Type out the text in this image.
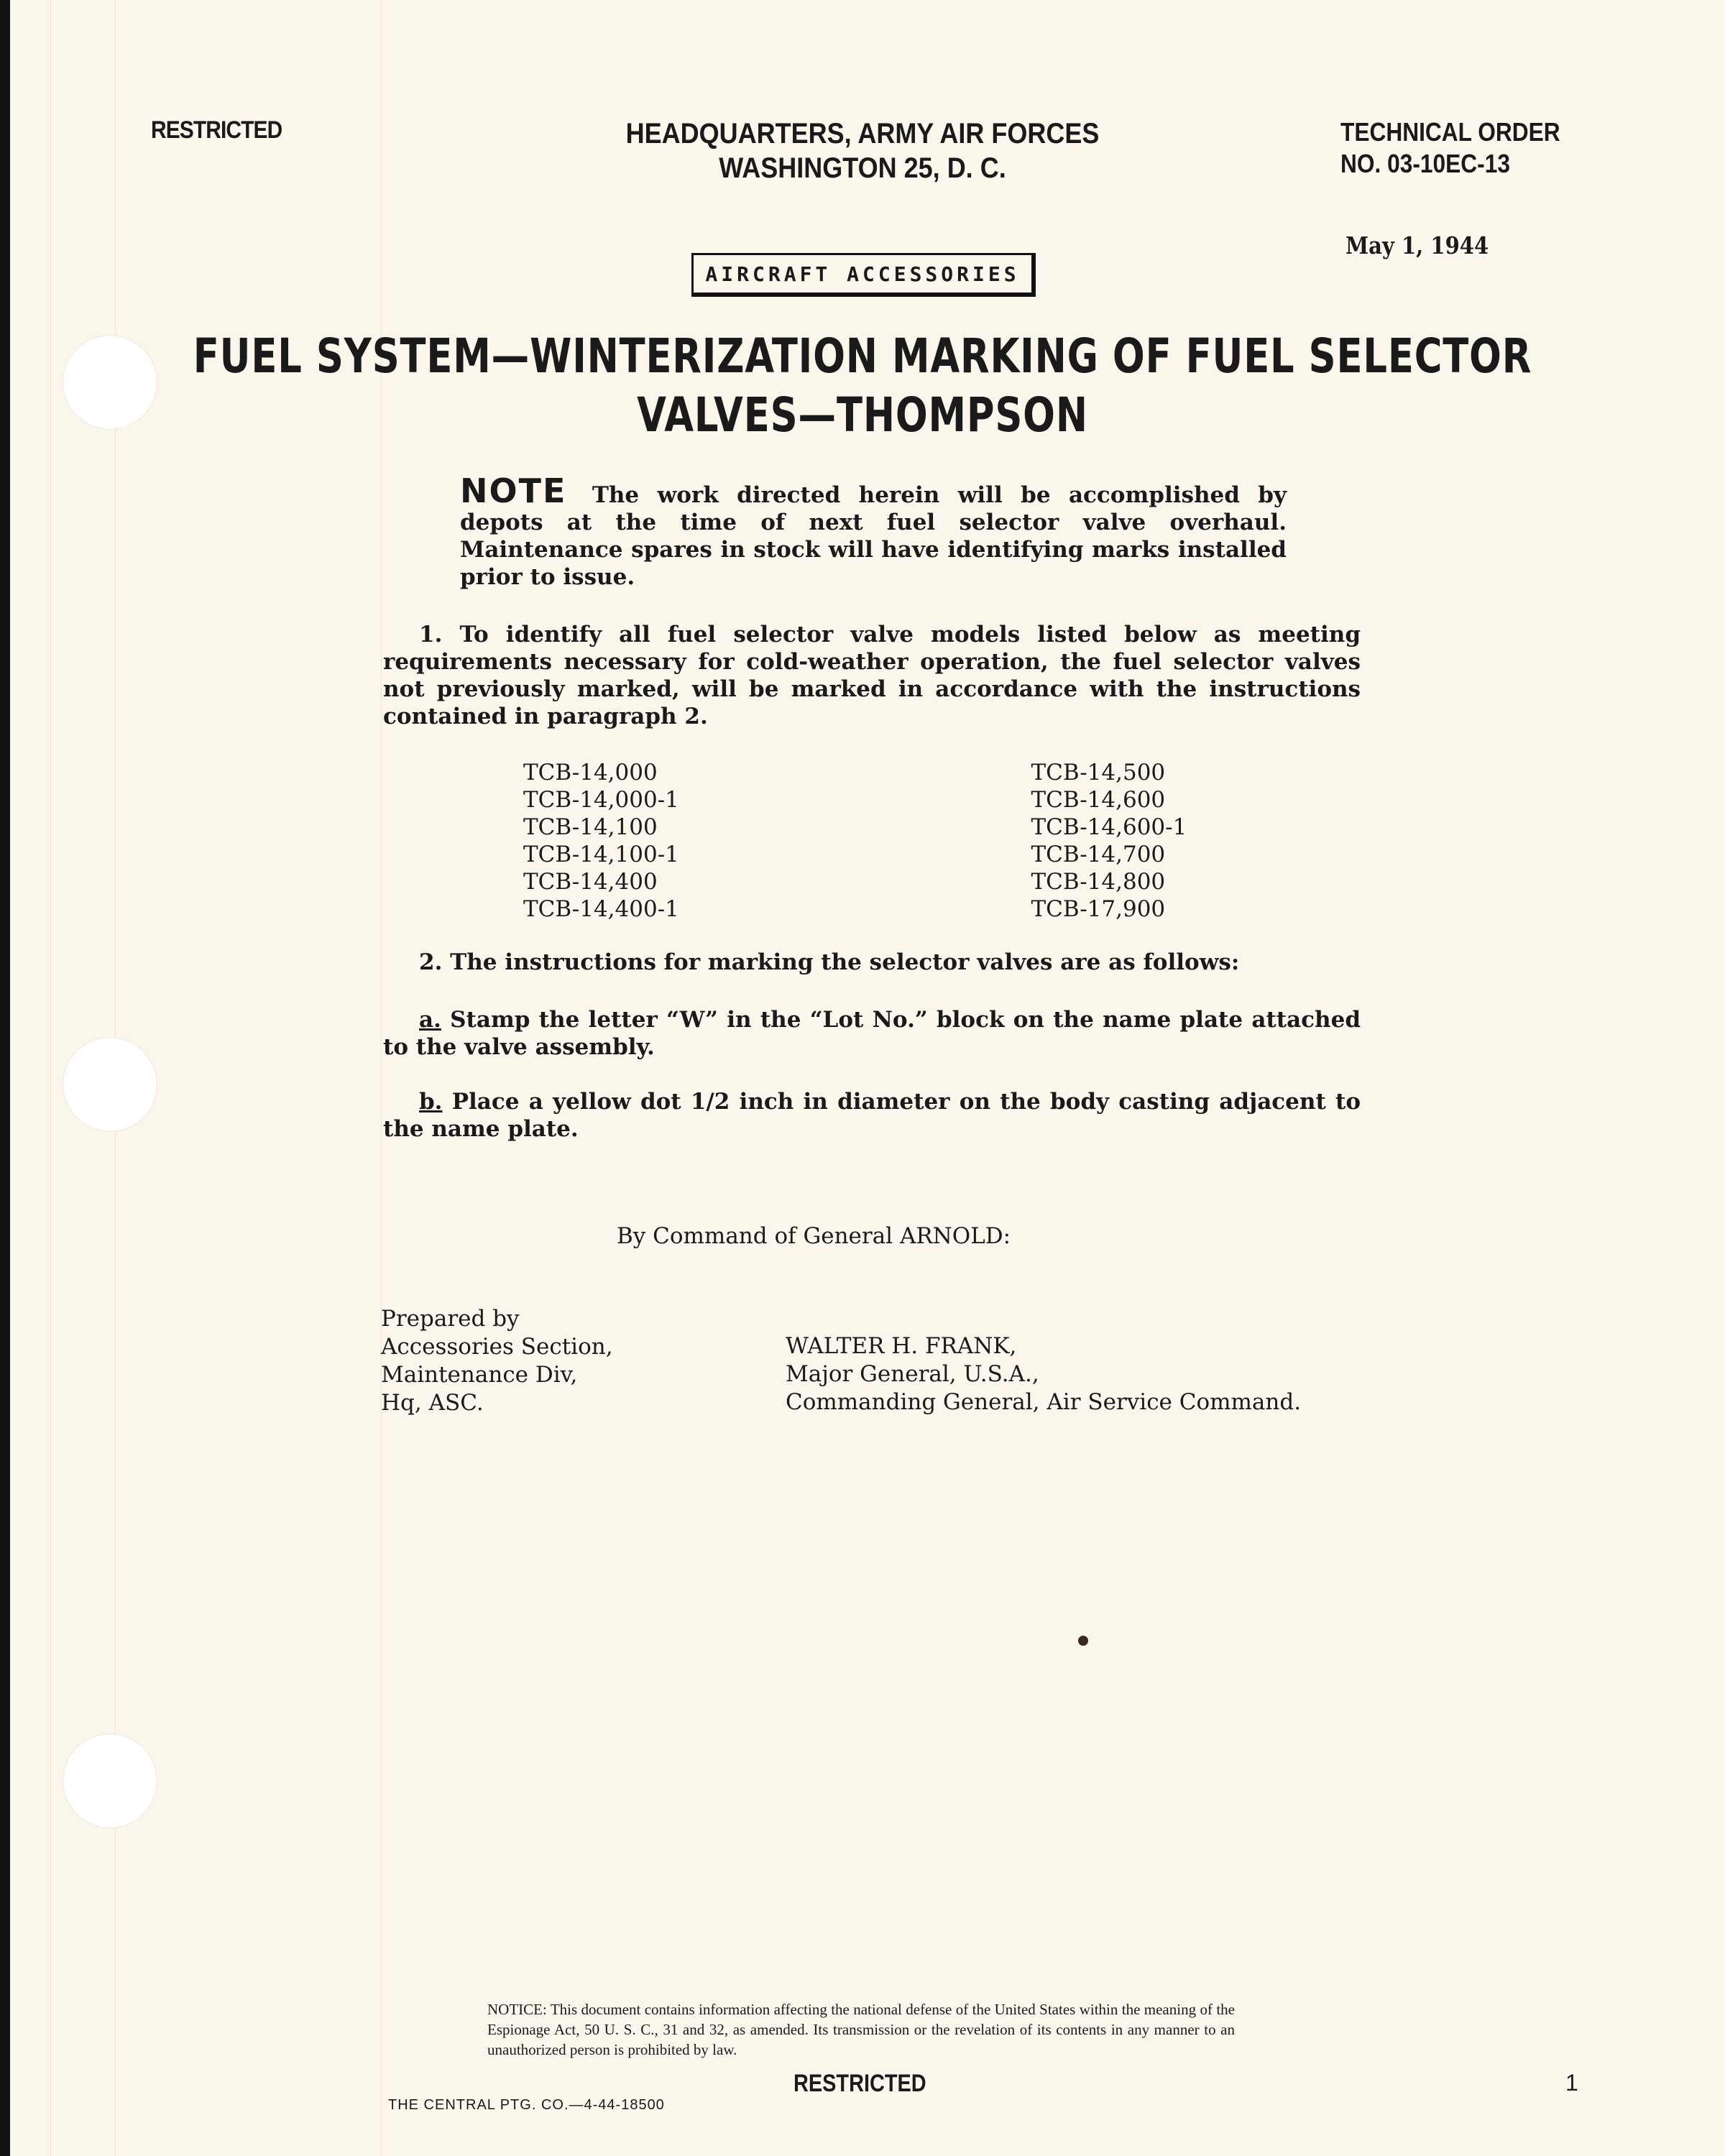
RESTRICTED	HEADQUARTERS, ARMY AIR FORCES
WASHINGTON 25, D. C.
TECHNICAL ORDER
NO. 03-10EC-13
May 1, 1944
AIRCRAFT ACCESSORIES
FUEL SYSTEM—WINTERIZATION MARKING OF FUEL SELECTOR
VALVES—THOMPSON
NOTE The work directed herein will be accomplished by depots at the time of next fuel selector valve overhaul. Maintenance spares in stock will have identifying marks installed prior to issue.
1. To identify all fuel selector valve models listed below as meeting requirements necessary for cold-weather operation, the fuel selector valves not previously marked, will be marked in accordance with the instructions contained in paragraph 2.
TCB-14,000
TCB-14,000-1
TCB-14,100
TCB-14,100-1
TCB-14,400
TCB-14,400-1
TCB-14,500
TCB-14,600
TCB-14,600-1
TCB-14,700
TCB-14,800
TCB-17,900
2. The instructions for marking the selector valves are as follows:
a. Stamp the letter “W” in the “Lot No.” block on the name plate attached to the valve assembly.
b. Place a yellow dot 1/2 inch in diameter on the body casting adjacent to the name plate.
By Command of General ARNOLD:
Prepared by
Accessories Section,
Maintenance Div,
Hq, ASC.
WALTER H. FRANK,
Major General, U.S.A.,
Commanding General, Air Service Command.
NOTICE: This document contains information affecting the national defense of the United States within the meaning of the Espionage Act, 50 U. S. C., 31 and 32, as amended. Its transmission or the revelation of its contents in any manner to an unauthorized person is prohibited by law.
RESTRICTED	1
THE CENTRAL PTG. CO.—4-44-18500
